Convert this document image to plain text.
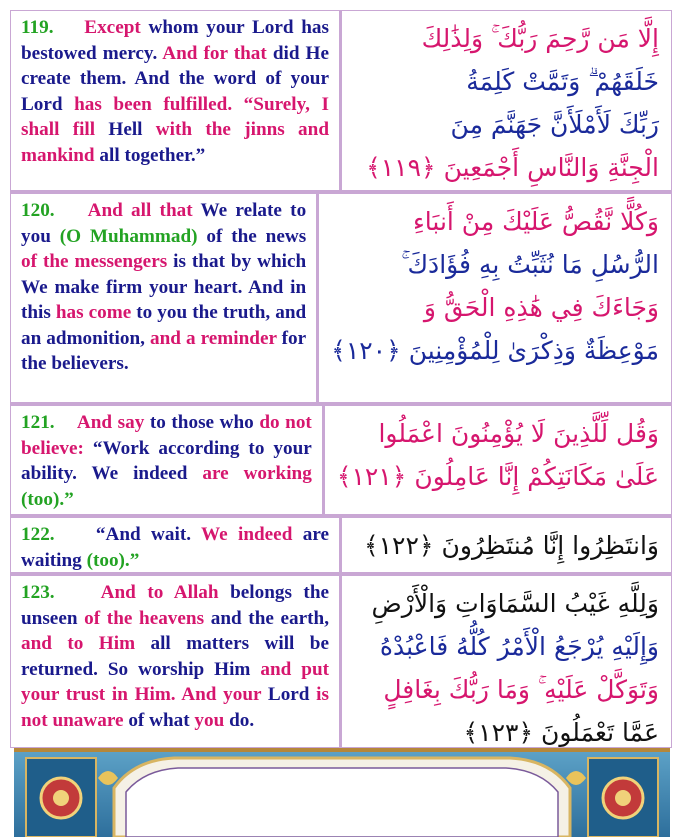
119.    Except whom your Lord has bestowed mercy. And for that did He create them. And the word of your Lord has been fulfilled. “Surely, I shall fill Hell with the jinns and mankind all together.”
إِلَّا مَن رَّحِمَ رَبُّكَ ۚ وَلِذَٰلِكَ
خَلَقَهُمْ ۗ وَتَمَّتْ كَلِمَةُ
رَبِّكَ لَأَمْلَأَنَّ جَهَنَّمَ مِنَ
الْجِنَّةِ وَالنَّاسِ أَجْمَعِينَ ﴿١١٩﴾
120.    And all that We relate to you (O Muhammad) of the news of the messengers is that by which We make firm your heart. And in this has come to you the truth, and an admonition, and a reminder for the believers.
وَكُلًّا نَّقُصُّ عَلَيْكَ مِنْ أَنبَاءِ
الرُّسُلِ مَا نُثَبِّتُ بِهِ فُؤَادَكَ ۚ
وَجَاءَكَ فِي هَٰذِهِ الْحَقُّ وَ
مَوْعِظَةٌ وَذِكْرَىٰ لِلْمُؤْمِنِينَ ﴿١٢٠﴾
121.    And say to those who do not believe: “Work according to your ability. We indeed are working (too).”
وَقُل لِّلَّذِينَ لَا يُؤْمِنُونَ اعْمَلُوا
عَلَىٰ مَكَانَتِكُمْ إِنَّا عَامِلُونَ ﴿١٢١﴾
122.    “And wait. We indeed are waiting (too).”	وَانتَظِرُوا إِنَّا مُنتَظِرُونَ ﴿١٢٢﴾
123.    And to Allah belongs the unseen of the heavens and the earth, and to Him all matters will be returned. So worship Him and put your trust in Him. And your Lord is not unaware of what you do.
وَلِلَّهِ غَيْبُ السَّمَاوَاتِ وَالْأَرْضِ
وَإِلَيْهِ يُرْجَعُ الْأَمْرُ كُلُّهُ فَاعْبُدْهُ
وَتَوَكَّلْ عَلَيْهِ ۚ وَمَا رَبُّكَ بِغَافِلٍ
عَمَّا تَعْمَلُونَ ﴿١٢٣﴾
